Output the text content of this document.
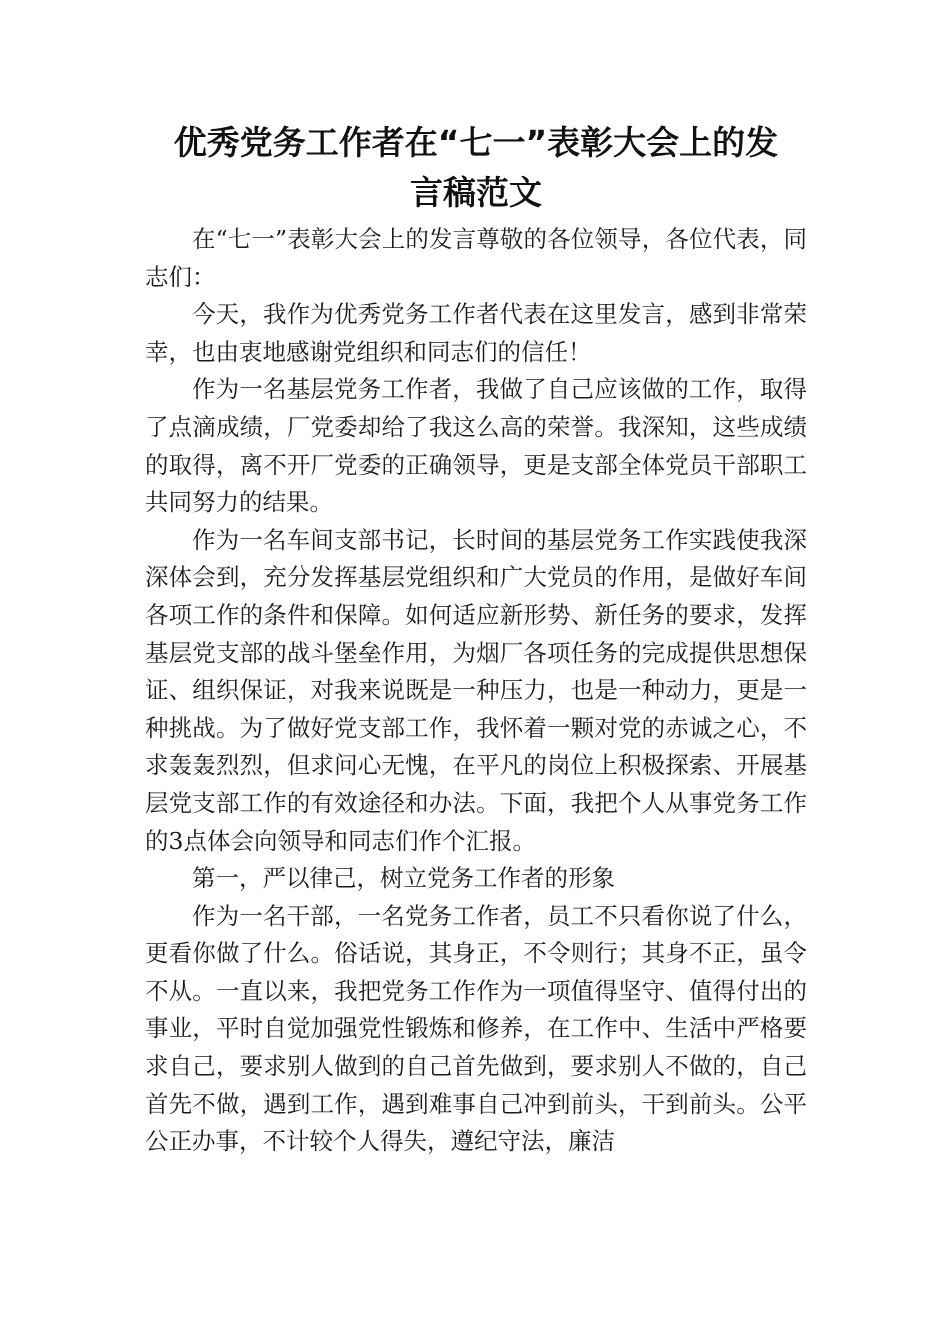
优秀党务工作者在“七一”表彰大会上的发
言稿范文

在“七一”表彰大会上的发言尊敬的各位领导，各位代表，同志们：

今天，我作为优秀党务工作者代表在这里发言，感到非常荣幸，也由衷地感谢党组织和同志们的信任！

作为一名基层党务工作者，我做了自己应该做的工作，取得了点滴成绩，厂党委却给了我这么高的荣誉。我深知，这些成绩的取得，离不开厂党委的正确领导，更是支部全体党员干部职工共同努力的结果。

作为一名车间支部书记，长时间的基层党务工作实践使我深深体会到，充分发挥基层党组织和广大党员的作用，是做好车间各项工作的条件和保障。如何适应新形势、新任务的要求，发挥基层党支部的战斗堡垒作用，为烟厂各项任务的完成提供思想保证、组织保证，对我来说既是一种压力，也是一种动力，更是一种挑战。为了做好党支部工作，我怀着一颗对党的赤诚之心，不求轰轰烈烈，但求问心无愧，在平凡的岗位上积极探索、开展基层党支部工作的有效途径和办法。下面，我把个人从事党务工作的3点体会向领导和同志们作个汇报。

第一，严以律己，树立党务工作者的形象

作为一名干部，一名党务工作者，员工不只看你说了什么，更看你做了什么。俗话说，其身正，不令则行；其身不正，虽令不从。一直以来，我把党务工作作为一项值得坚守、值得付出的事业，平时自觉加强党性锻炼和修养，在工作中、生活中严格要求自己，要求别人做到的自己首先做到，要求别人不做的，自己首先不做，遇到工作，遇到难事自己冲到前头，干到前头。公平公正办事，不计较个人得失，遵纪守法，廉洁
